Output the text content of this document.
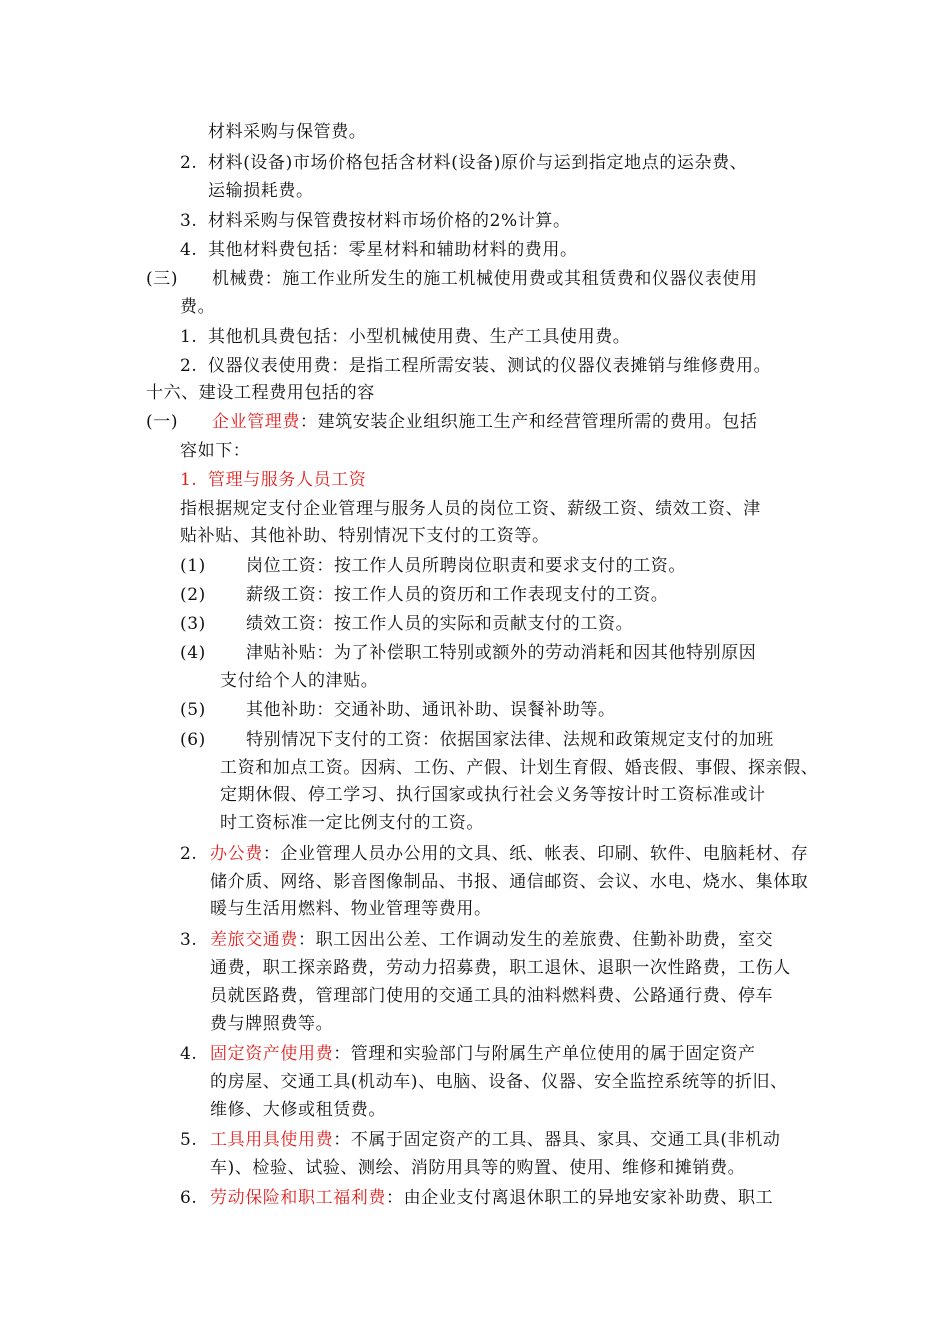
材料采购与保管费。
2. 材料(设备)市场价格包括含材料(设备)原价与运到指定地点的运杂费、
运输损耗费。
3. 材料采购与保管费按材料市场价格的2%计算。
4. 其他材料费包括：零星材料和辅助材料的费用。
(三) 机械费：施工作业所发生的施工机械使用费或其租赁费和仪器仪表使用
费。
1. 其他机具费包括：小型机械使用费、生产工具使用费。
2. 仪器仪表使用费：是指工程所需安装、测试的仪器仪表摊销与维修费用。
十六、建设工程费用包括的容
(一) 企业管理费：建筑安装企业组织施工生产和经营管理所需的费用。包括
容如下：
1. 管理与服务人员工资
指根据规定支付企业管理与服务人员的岗位工资、薪级工资、绩效工资、津
贴补贴、其他补助、特别情况下支付的工资等。
(1) 岗位工资：按工作人员所聘岗位职责和要求支付的工资。
(2) 薪级工资：按工作人员的资历和工作表现支付的工资。
(3) 绩效工资：按工作人员的实际和贡献支付的工资。
(4) 津贴补贴：为了补偿职工特别或额外的劳动消耗和因其他特别原因
支付给个人的津贴。
(5) 其他补助：交通补助、通讯补助、误餐补助等。
(6) 特别情况下支付的工资：依据国家法律、法规和政策规定支付的加班
工资和加点工资。因病、工伤、产假、计划生育假、婚丧假、事假、探亲假、
定期休假、停工学习、执行国家或执行社会义务等按计时工资标准或计
时工资标准一定比例支付的工资。
2. 办公费：企业管理人员办公用的文具、纸、帐表、印刷、软件、电脑耗材、存
储介质、网络、影音图像制品、书报、通信邮资、会议、水电、烧水、集体取
暖与生活用燃料、物业管理等费用。
3. 差旅交通费：职工因出公差、工作调动发生的差旅费、住勤补助费，室交
通费，职工探亲路费，劳动力招募费，职工退休、退职一次性路费，工伤人
员就医路费，管理部门使用的交通工具的油料燃料费、公路通行费、停车
费与牌照费等。
4. 固定资产使用费：管理和实验部门与附属生产单位使用的属于固定资产
的房屋、交通工具(机动车)、电脑、设备、仪器、安全监控系统等的折旧、
维修、大修或租赁费。
5. 工具用具使用费：不属于固定资产的工具、器具、家具、交通工具(非机动
车)、检验、试验、测绘、消防用具等的购置、使用、维修和摊销费。
6. 劳动保险和职工福利费：由企业支付离退休职工的异地安家补助费、职工
